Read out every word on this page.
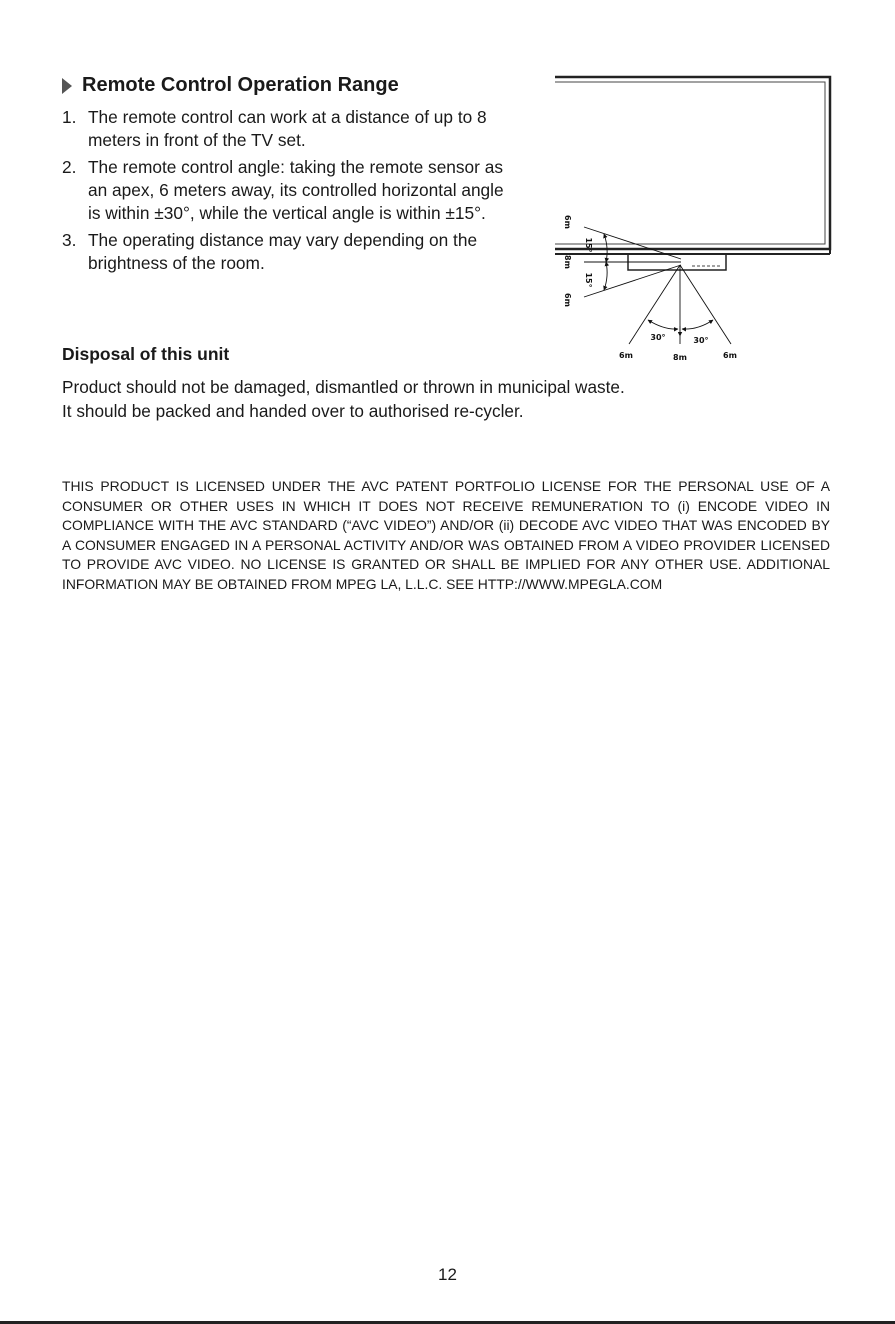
Remote Control Operation Range
1. The remote control can work at a distance of up to 8 meters in front of the TV set.
2. The remote control angle: taking the remote sensor as an apex, 6 meters away, its controlled horizontal angle is within ±30°, while the vertical angle is within ±15°.
3. The operating distance may vary depending on the brightness of the room.
6m
8m
6m
15°
15°
30°	30°
6m	8m	6m
Disposal of this unit
Product should not be damaged, dismantled or thrown in municipal waste.
It should be packed and handed over to authorised re-cycler.

THIS PRODUCT IS LICENSED UNDER THE AVC PATENT PORTFOLIO LICENSE FOR THE PERSONAL USE OF A CONSUMER OR OTHER USES IN WHICH IT DOES NOT RECEIVE REMUNERATION TO (i) ENCODE VIDEO IN COMPLIANCE WITH THE AVC STANDARD (“AVC VIDEO”) AND/OR (ii) DECODE AVC VIDEO THAT WAS ENCODED BY A CONSUMER ENGAGED IN A PERSONAL ACTIVITY AND/OR WAS OBTAINED FROM A VIDEO PROVIDER LICENSED TO PROVIDE AVC VIDEO. NO LICENSE IS GRANTED OR SHALL BE IMPLIED FOR ANY OTHER USE. ADDITIONAL INFORMATION MAY BE OBTAINED FROM MPEG LA, L.L.C. SEE HTTP://WWW.MPEGLA.COM

12
